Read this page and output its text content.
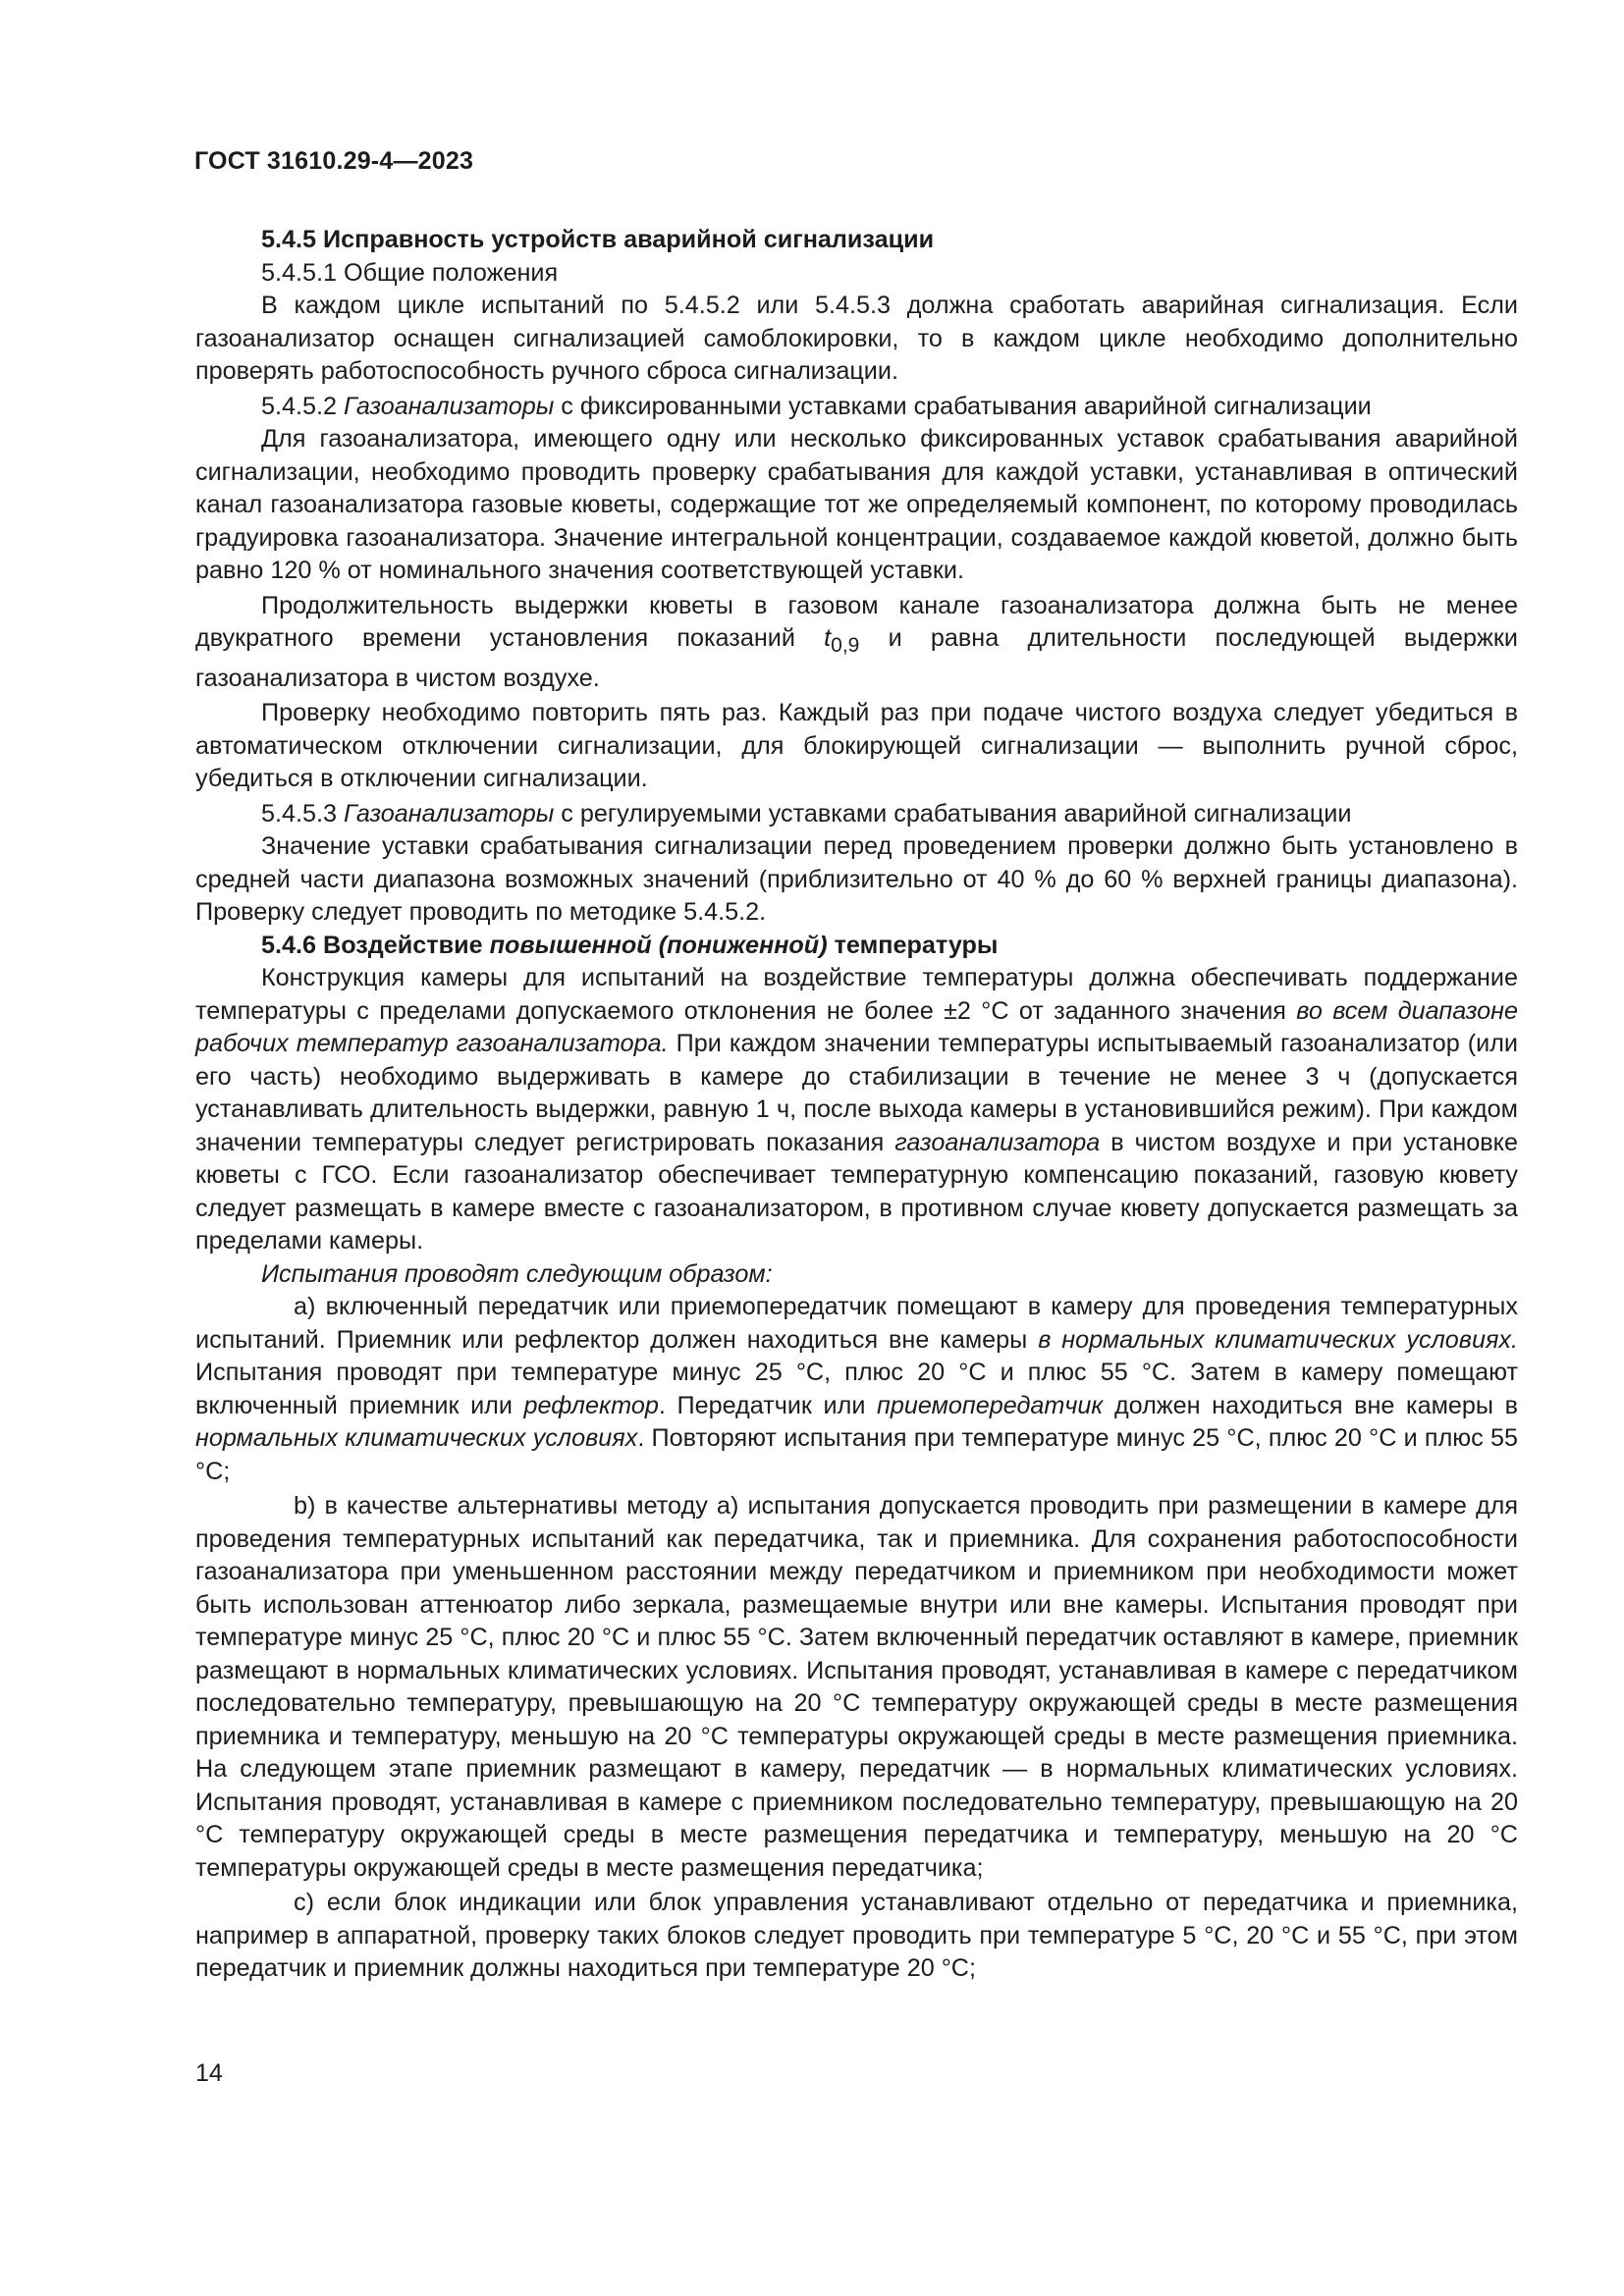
ГОСТ 31610.29-4—2023

5.4.5 Исправность устройств аварийной сигнализации

5.4.5.1 Общие положения

В каждом цикле испытаний по 5.4.5.2 или 5.4.5.3 должна сработать аварийная сигнализация. Если газоанализатор оснащен сигнализацией самоблокировки, то в каждом цикле необходимо дополнительно проверять работоспособность ручного сброса сигнализации.

5.4.5.2 Газоанализаторы с фиксированными уставками срабатывания аварийной сигнализации

Для газоанализатора, имеющего одну или несколько фиксированных уставок срабатывания аварийной сигнализации, необходимо проводить проверку срабатывания для каждой уставки, устанавливая в оптический канал газоанализатора газовые кюветы, содержащие тот же определяемый компонент, по которому проводилась градуировка газоанализатора. Значение интегральной концентрации, создаваемое каждой кюветой, должно быть равно 120 % от номинального значения соответствующей уставки.

Продолжительность выдержки кюветы в газовом канале газоанализатора должна быть не менее двукратного времени установления показаний $t_{0,9}$ и равна длительности последующей выдержки газоанализатора в чистом воздухе.

Проверку необходимо повторить пять раз. Каждый раз при подаче чистого воздуха следует убедиться в автоматическом отключении сигнализации, для блокирующей сигнализации — выполнить ручной сброс, убедиться в отключении сигнализации.

5.4.5.3 Газоанализаторы с регулируемыми уставками срабатывания аварийной сигнализации

Значение уставки срабатывания сигнализации перед проведением проверки должно быть установлено в средней части диапазона возможных значений (приблизительно от 40 % до 60 % верхней границы диапазона). Проверку следует проводить по методике 5.4.5.2.

5.4.6 Воздействие повышенной (пониженной) температуры

Конструкция камеры для испытаний на воздействие температуры должна обеспечивать поддержание температуры с пределами допускаемого отклонения не более ±2 °С от заданного значения во всем диапазоне рабочих температур газоанализатора. При каждом значении температуры испытываемый газоанализатор (или его часть) необходимо выдерживать в камере до стабилизации в течение не менее 3 ч (допускается устанавливать длительность выдержки, равную 1 ч, после выхода камеры в установившийся режим). При каждом значении температуры следует регистрировать показания газоанализатора в чистом воздухе и при установке кюветы с ГСО. Если газоанализатор обеспечивает температурную компенсацию показаний, газовую кювету следует размещать в камере вместе с газоанализатором, в противном случае кювету допускается размещать за пределами камеры.

Испытания проводят следующим образом:

а) включенный передатчик или приемопередатчик помещают в камеру для проведения температурных испытаний. Приемник или рефлектор должен находиться вне камеры в нормальных климатических условиях. Испытания проводят при температуре минус 25 °С, плюс 20 °С и плюс 55 °С. Затем в камеру помещают включенный приемник или рефлектор. Передатчик или приемопередатчик должен находиться вне камеры в нормальных климатических условиях. Повторяют испытания при температуре минус 25 °С, плюс 20 °С и плюс 55 °С;

b) в качестве альтернативы методу а) испытания допускается проводить при размещении в камере для проведения температурных испытаний как передатчика, так и приемника. Для сохранения работоспособности газоанализатора при уменьшенном расстоянии между передатчиком и приемником при необходимости может быть использован аттенюатор либо зеркала, размещаемые внутри или вне камеры. Испытания проводят при температуре минус 25 °С, плюс 20 °С и плюс 55 °С. Затем включенный передатчик оставляют в камере, приемник размещают в нормальных климатических условиях. Испытания проводят, устанавливая в камере с передатчиком последовательно температуру, превышающую на 20 °С температуру окружающей среды в месте размещения приемника и температуру, меньшую на 20 °С температуры окружающей среды в месте размещения приемника. На следующем этапе приемник размещают в камеру, передатчик — в нормальных климатических условиях. Испытания проводят, устанавливая в камере с приемником последовательно температуру, превышающую на 20 °С температуру окружающей среды в месте размещения передатчика и температуру, меньшую на 20 °С температуры окружающей среды в месте размещения передатчика;

c) если блок индикации или блок управления устанавливают отдельно от передатчика и приемника, например в аппаратной, проверку таких блоков следует проводить при температуре 5 °С, 20 °С и 55 °С, при этом передатчик и приемник должны находиться при температуре 20 °С;

14
